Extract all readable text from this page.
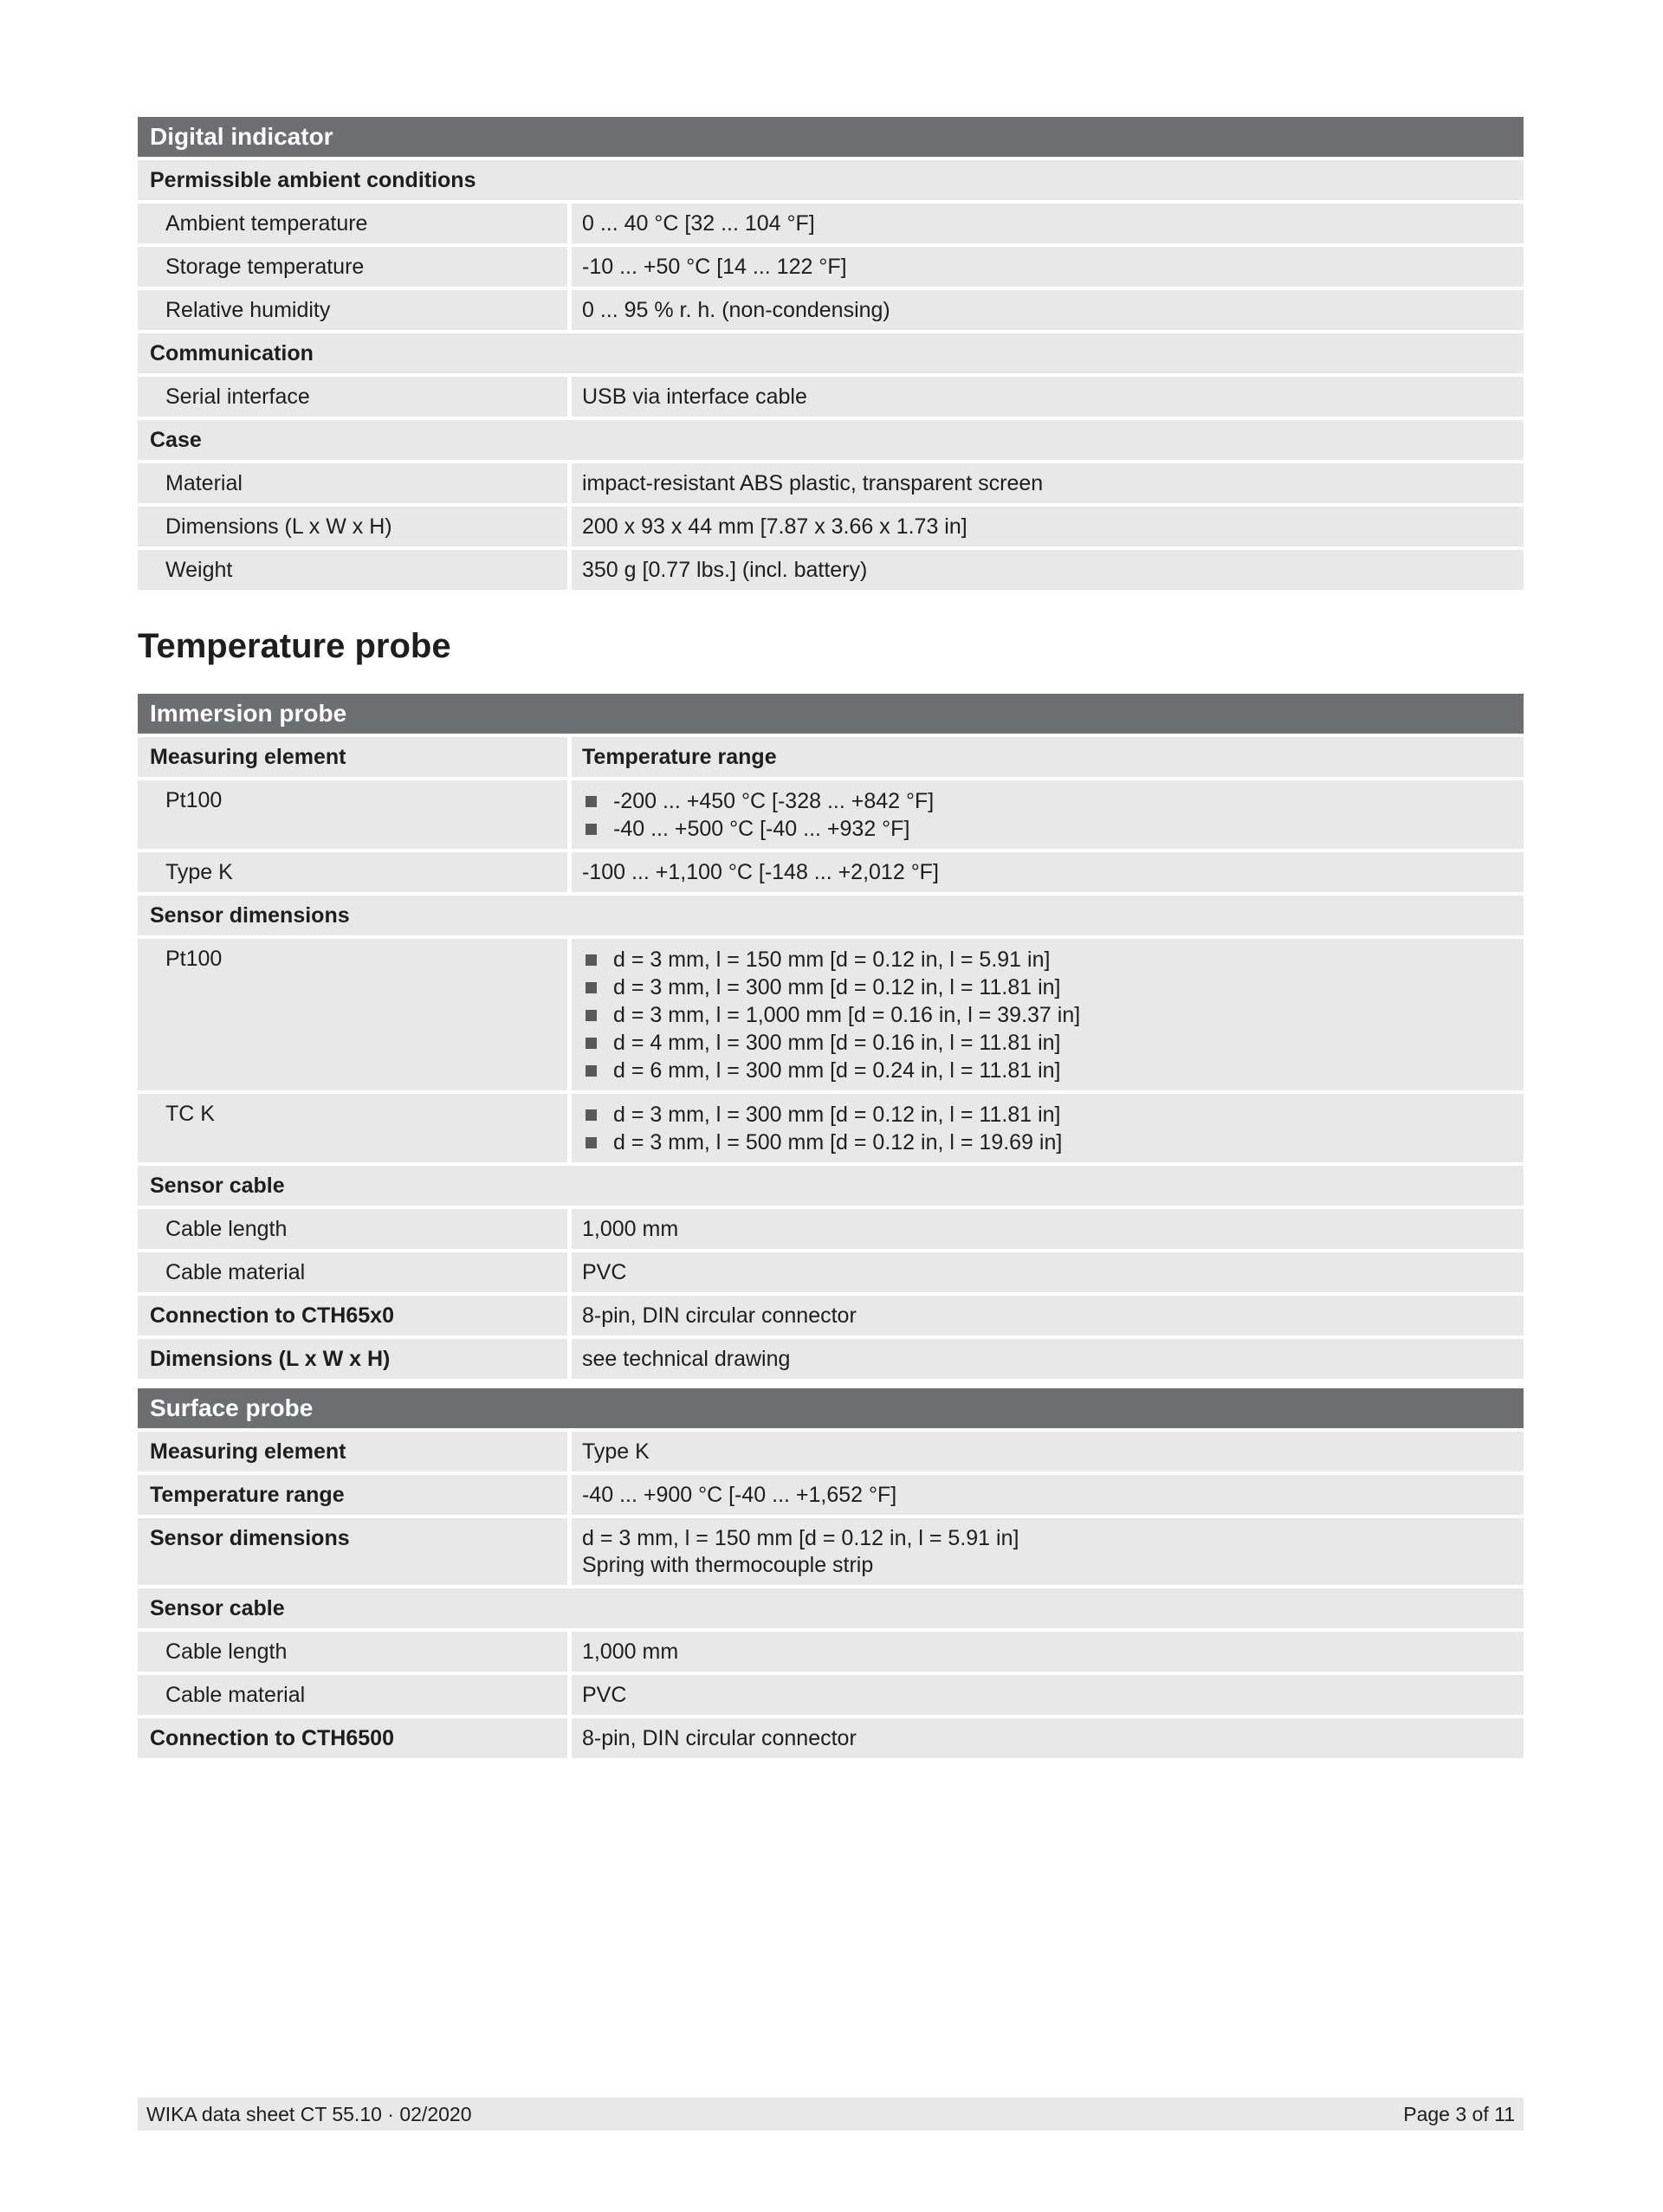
Digital indicator
Permissible ambient conditions
Ambient temperature	0 ... 40 °C [32 ... 104 °F]
Storage temperature	-10 ... +50 °C [14 ... 122 °F]
Relative humidity	0 ... 95 % r. h. (non-condensing)
Communication
Serial interface	USB via interface cable
Case
Material	impact-resistant ABS plastic, transparent screen
Dimensions (L x W x H)	200 x 93 x 44 mm [7.87 x 3.66 x 1.73 in]
Weight	350 g [0.77 lbs.] (incl. battery)
Temperature probe
Immersion probe
Measuring element	Temperature range
Pt100	-200 ... +450 °C [-328 ... +842 °F]
-40 ... +500 °C [-40 ... +932 °F]
Type K	-100 ... +1,100 °C [-148 ... +2,012 °F]
Sensor dimensions
Pt100	d = 3 mm, l = 150 mm [d = 0.12 in, l = 5.91 in]
d = 3 mm, l = 300 mm [d = 0.12 in, l = 11.81 in]
d = 3 mm, l = 1,000 mm [d = 0.16 in, l = 39.37 in]
d = 4 mm, l = 300 mm [d = 0.16 in, l = 11.81 in]
d = 6 mm, l = 300 mm [d = 0.24 in, l = 11.81 in]
TC K	d = 3 mm, l = 300 mm [d = 0.12 in, l = 11.81 in]
d = 3 mm, l = 500 mm [d = 0.12 in, l = 19.69 in]
Sensor cable
Cable length	1,000 mm
Cable material	PVC
Connection to CTH65x0	8-pin, DIN circular connector
Dimensions (L x W x H)	see technical drawing
Surface probe
Measuring element	Type K
Temperature range	-40 ... +900 °C [-40 ... +1,652 °F]
Sensor dimensions	d = 3 mm, l = 150 mm [d = 0.12 in, l = 5.91 in]
Spring with thermocouple strip
Sensor cable
Cable length	1,000 mm
Cable material	PVC
Connection to CTH6500	8-pin, DIN circular connector
WIKA data sheet CT 55.10 · 02/2020	Page 3 of 11
